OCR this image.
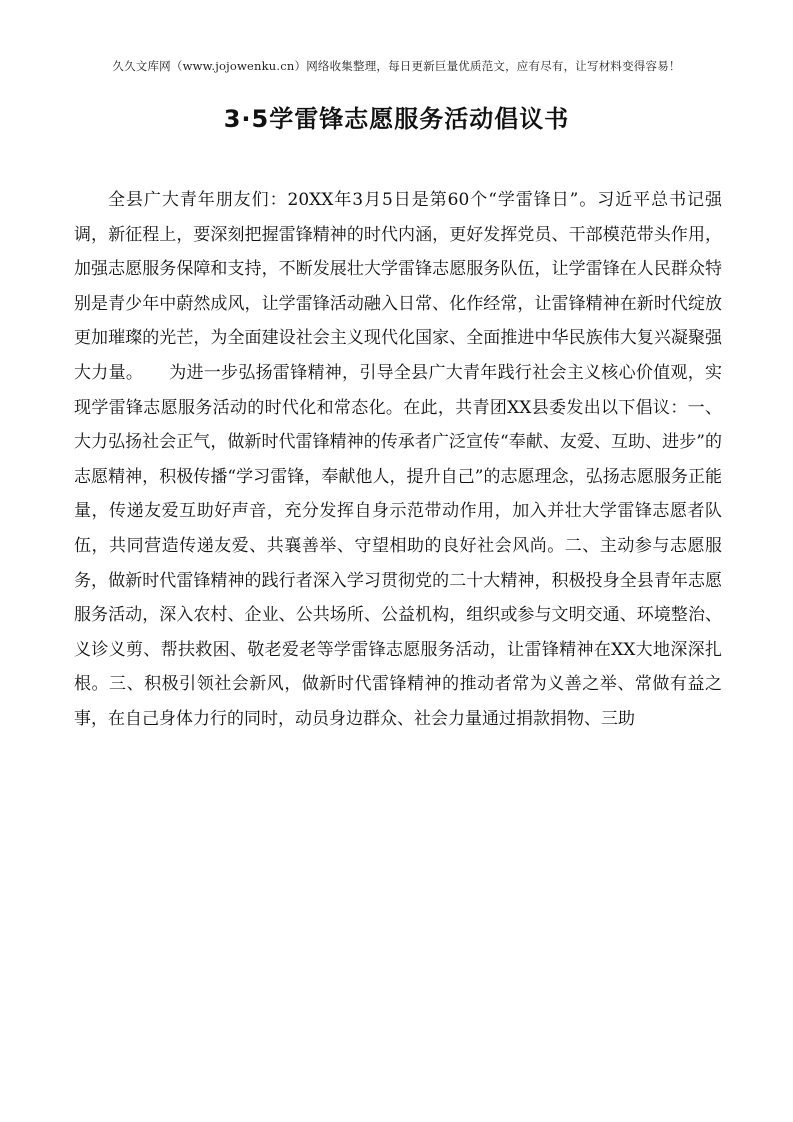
久久文库网（www.jojowenku.cn）网络收集整理，每日更新巨量优质范文，应有尽有，让写材料变得容易！
3·5学雷锋志愿服务活动倡议书

全县广大青年朋友们：20XX年3月5日是第60个“学雷锋日”。习近平总书记强调，新征程上，要深刻把握雷锋精神的时代内涵，更好发挥党员、干部模范带头作用，加强志愿服务保障和支持，不断发展壮大学雷锋志愿服务队伍，让学雷锋在人民群众特别是青少年中蔚然成风，让学雷锋活动融入日常、化作经常，让雷锋精神在新时代绽放更加璀璨的光芒，为全面建设社会主义现代化国家、全面推进中华民族伟大复兴凝聚强大力量。　　为进一步弘扬雷锋精神，引导全县广大青年践行社会主义核心价值观，实现学雷锋志愿服务活动的时代化和常态化。在此，共青团XX县委发出以下倡议：一、大力弘扬社会正气，做新时代雷锋精神的传承者广泛宣传“奉献、友爱、互助、进步”的志愿精神，积极传播“学习雷锋，奉献他人，提升自己”的志愿理念，弘扬志愿服务正能量，传递友爱互助好声音，充分发挥自身示范带动作用，加入并壮大学雷锋志愿者队伍，共同营造传递友爱、共襄善举、守望相助的良好社会风尚。二、主动参与志愿服务，做新时代雷锋精神的践行者深入学习贯彻党的二十大精神，积极投身全县青年志愿服务活动，深入农村、企业、公共场所、公益机构，组织或参与文明交通、环境整治、义诊义剪、帮扶救困、敬老爱老等学雷锋志愿服务活动，让雷锋精神在XX大地深深扎根。三、积极引领社会新风，做新时代雷锋精神的推动者常为义善之举、常做有益之事，在自己身体力行的同时，动员身边群众、社会力量通过捐款捐物、三助
